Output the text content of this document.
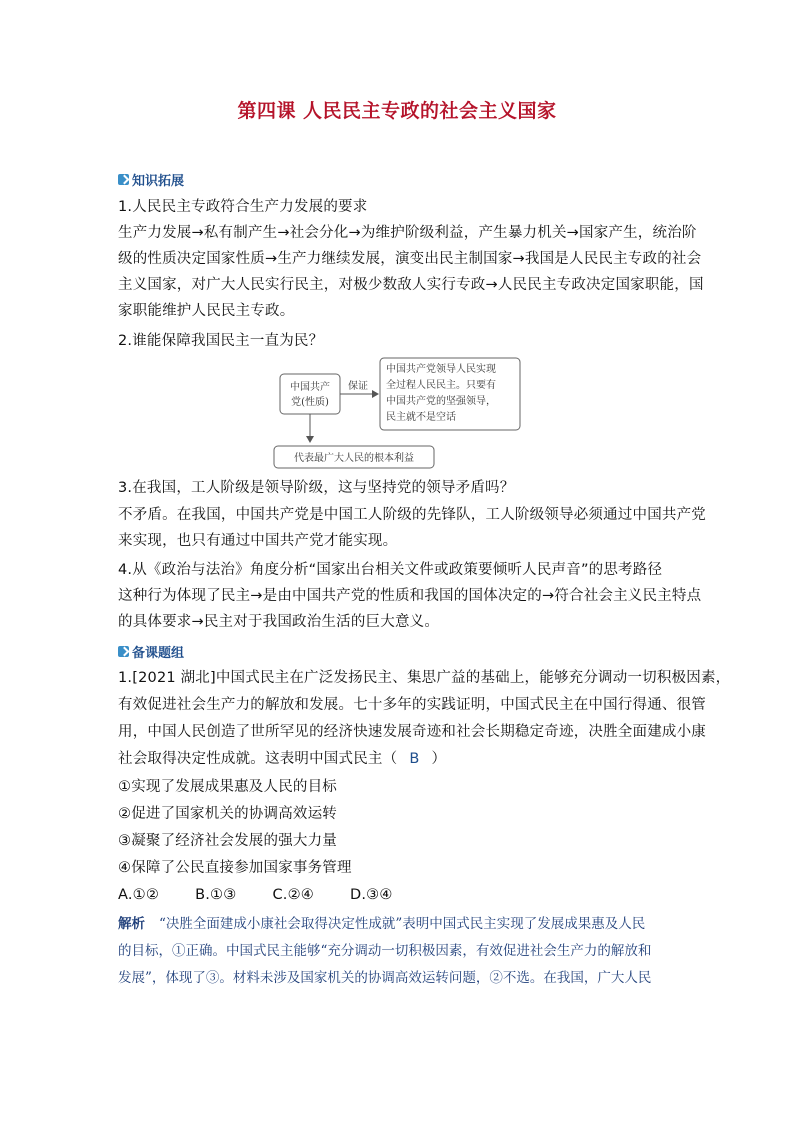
第四课 人民民主专政的社会主义国家
知识拓展
1.人民民主专政符合生产力发展的要求
生产力发展→私有制产生→社会分化→为维护阶级利益，产生暴力机关→国家产生，统治阶
级的性质决定国家性质→生产力继续发展，演变出民主制国家→我国是人民民主专政的社会
主义国家，对广大人民实行民主，对极少数敌人实行专政→人民民主专政决定国家职能，国
家职能维护人民民主专政。
2.谁能保障我国民主一直为民？
中国共产
党(性质)
保证
中国共产党领导人民实现
全过程人民民主。只要有
中国共产党的坚强领导，
民主就不是空话
代表最广大人民的根本利益
3.在我国，工人阶级是领导阶级，这与坚持党的领导矛盾吗？
不矛盾。在我国，中国共产党是中国工人阶级的先锋队，工人阶级领导必须通过中国共产党
来实现，也只有通过中国共产党才能实现。
4.从《政治与法治》角度分析“国家出台相关文件或政策要倾听人民声音”的思考路径
这种行为体现了民主→是由中国共产党的性质和我国的国体决定的→符合社会主义民主特点
的具体要求→民主对于我国政治生活的巨大意义。
备课题组
1.[2021 湖北]中国式民主在广泛发扬民主、集思广益的基础上，能够充分调动一切积极因素，
有效促进社会生产力的解放和发展。七十多年的实践证明，中国式民主在中国行得通、很管
用，中国人民创造了世所罕见的经济快速发展奇迹和社会长期稳定奇迹，决胜全面建成小康
社会取得决定性成就。这表明中国式民主（ B ）
①实现了发展成果惠及人民的目标
②促进了国家机关的协调高效运转
③凝聚了经济社会发展的强大力量
④保障了公民直接参加国家事务管理
A.①② B.①③ C.②④ D.③④
解析 “决胜全面建成小康社会取得决定性成就”表明中国式民主实现了发展成果惠及人民
的目标，①正确。中国式民主能够“充分调动一切积极因素，有效促进社会生产力的解放和
发展”，体现了③。材料未涉及国家机关的协调高效运转问题，②不选。在我国，广大人民
